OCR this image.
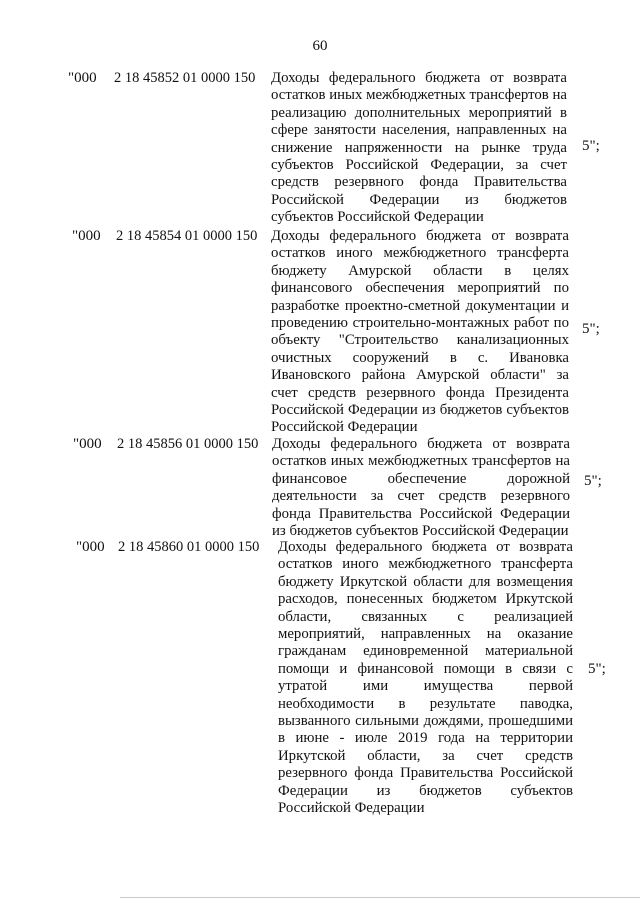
60
"000 2 18 45852 01 0000 150 Доходы федерального бюджета от возврата остатков иных межбюджетных трансфертов на реализацию дополнительных мероприятий в сфере занятости населения, направленных на снижение напряженности на рынке труда субъектов Российской Федерации, за счет средств резервного фонда Правительства Российской Федерации из бюджетов субъектов Российской Федерации
5";
"000 2 18 45854 01 0000 150 Доходы федерального бюджета от возврата остатков иного межбюджетного трансферта бюджету Амурской области в целях финансового обеспечения мероприятий по разработке проектно-сметной документации и проведению строительно-монтажных работ по объекту "Строительство канализационных очистных сооружений в с. Ивановка Ивановского района Амурской области" за счет средств резервного фонда Президента Российской Федерации из бюджетов субъектов Российской Федерации
5";
"000 2 18 45856 01 0000 150 Доходы федерального бюджета от возврата остатков иных межбюджетных трансфертов на финансовое обеспечение дорожной деятельности за счет средств резервного фонда Правительства Российской Федерации из бюджетов субъектов Российской Федерации
5";
"000 2 18 45860 01 0000 150 Доходы федерального бюджета от возврата остатков иного межбюджетного трансферта бюджету Иркутской области для возмещения расходов, понесенных бюджетом Иркутской области, связанных с реализацией мероприятий, направленных на оказание гражданам единовременной материальной помощи и финансовой помощи в связи с утратой ими имущества первой необходимости в результате паводка, вызванного сильными дождями, прошедшими в июне - июле 2019 года на территории Иркутской области, за счет средств резервного фонда Правительства Российской Федерации из бюджетов субъектов Российской Федерации
5";
